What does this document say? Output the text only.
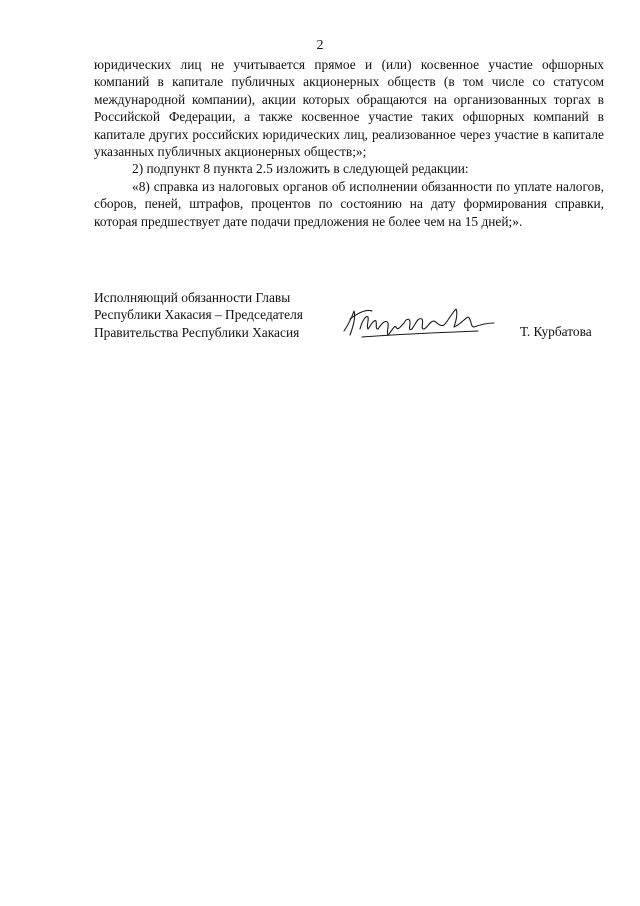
2

юридических лиц не учитывается прямое и (или) косвенное участие офшорных компаний в капитале публичных акционерных обществ (в том числе со статусом международной компании), акции которых обращаются на организованных торгах в Российской Федерации, а также косвенное участие таких офшорных компаний в капитале других российских юридических лиц, реализованное через участие в капитале указанных публичных акционерных обществ;»;

2) подпункт 8 пункта 2.5 изложить в следующей редакции:

«8) справка из налоговых органов об исполнении обязанности по уплате налогов, сборов, пеней, штрафов, процентов по состоянию на дату формирования справки, которая предшествует дате подачи предложения не более чем на 15 дней;».

Исполняющий обязанности Главы
Республики Хакасия – Председателя
Правительства Республики Хакасия	Т. Курбатова
